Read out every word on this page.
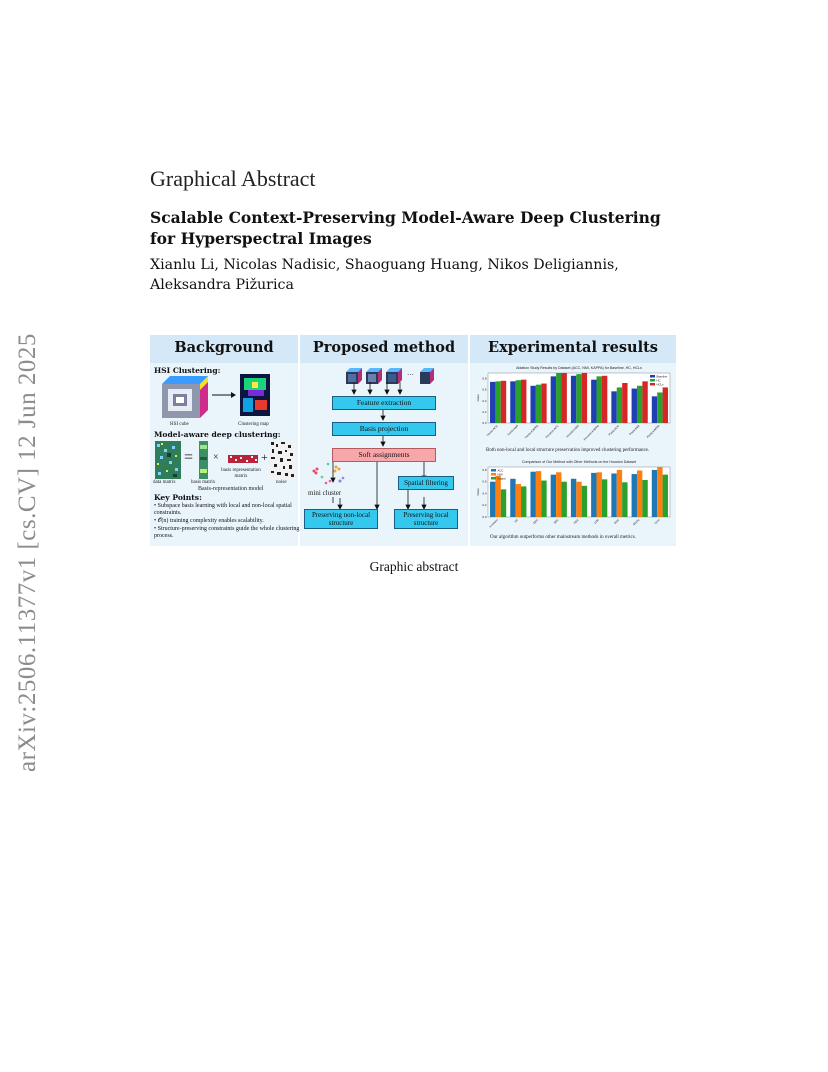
arXiv:2506.11377v1 [cs.CV] 12 Jun 2025
Graphical Abstract
Scalable Context-Preserving Model-Aware Deep Clustering for Hyperspectral Images
Xianlu Li, Nicolas Nadisic, Shaoguang Huang, Nikos Deligiannis, Aleksandra Pižurica
Background	Proposed method	Experimental results
HSI Clustering:
HSI cube	Clustering map
Model-aware deep clustering:
= ×	+
data matrix	basis matrix
basis representation matrix
noise
Basis-representation model
Key Points:
• Subspace basis learning with local and non-local spatial constraints.
• 𝒪(n) training complexity enables scalability.
• Structure-preserving constraints guide the whole clustering process.
···
Feature extraction
Basis projection
Soft assignments
mini cluster
Spatial filtering
Preserving non-local structure
Preserving local structure
Ablation Study Results by Dataset (ACC, NMI, KAPPA) for Baseline, HC, HCLs
0.0
0.2
0.4
0.6
0.8
Value
Trento-ACC	Trento-NMI Trento-KAPPA Houston-ACC Houston-NMI Houston-KAPPA	Pavia-ACC	Pavia-NMI Pavia-KAPPA
Baseline
HC
HCLs
Both non-local and local structure preservation improved clustering performance.
Comparison of Our Method with Other Methods on the Houston Dataset
0.0
0.2
0.4
0.6
0.8
Value
k-means	SC	DEC	SSC	HSC	LRR	DSC	SDCN	Ours
ACC
NMI
Kappa
Our algorithm outperforms other mainstream methods in overall metrics.
Graphic abstract
